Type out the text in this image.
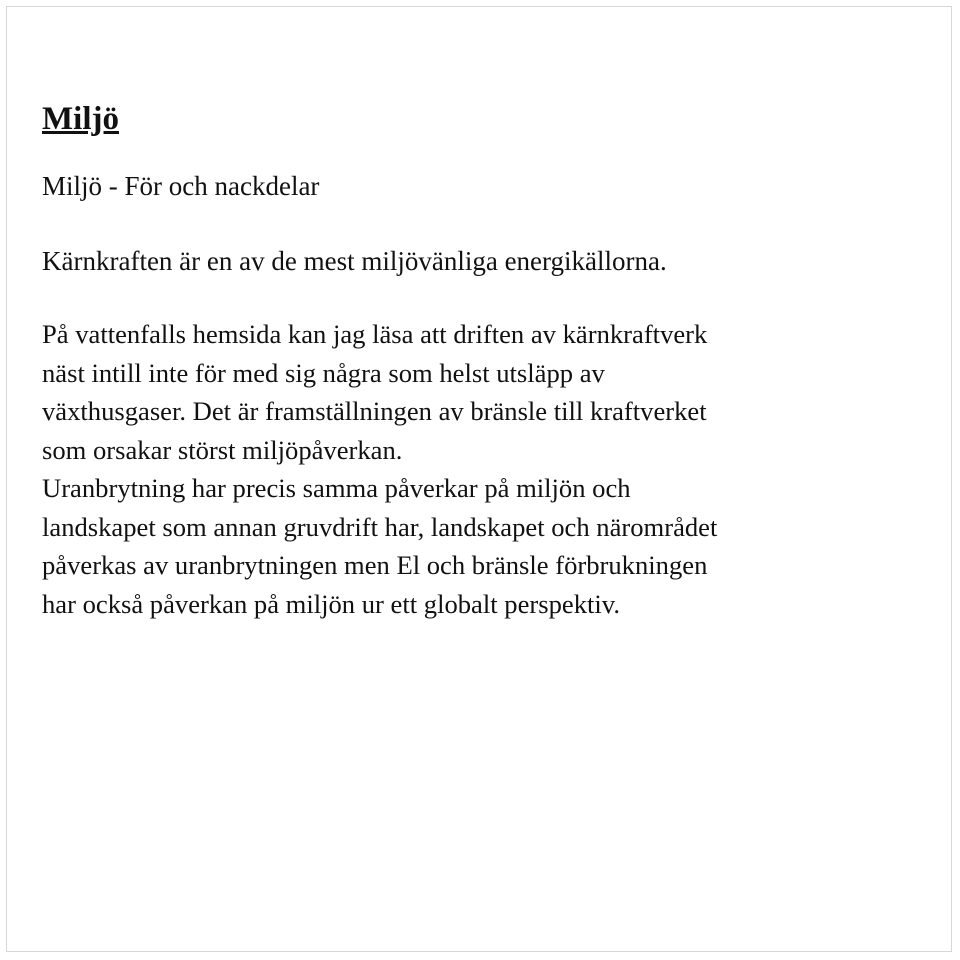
Miljö

Miljö - För och nackdelar

Kärnkraften är en av de mest miljövänliga energikällorna.

På vattenfalls hemsida kan jag läsa att driften av kärnkraftverk
näst intill inte för med sig några som helst utsläpp av
växthusgaser. Det är framställningen av bränsle till kraftverket
som orsakar störst miljöpåverkan.
Uranbrytning har precis samma påverkar på miljön och
landskapet som annan gruvdrift har, landskapet och närområdet
påverkas av uranbrytningen men El och bränsle förbrukningen
har också påverkan på miljön ur ett globalt perspektiv.
